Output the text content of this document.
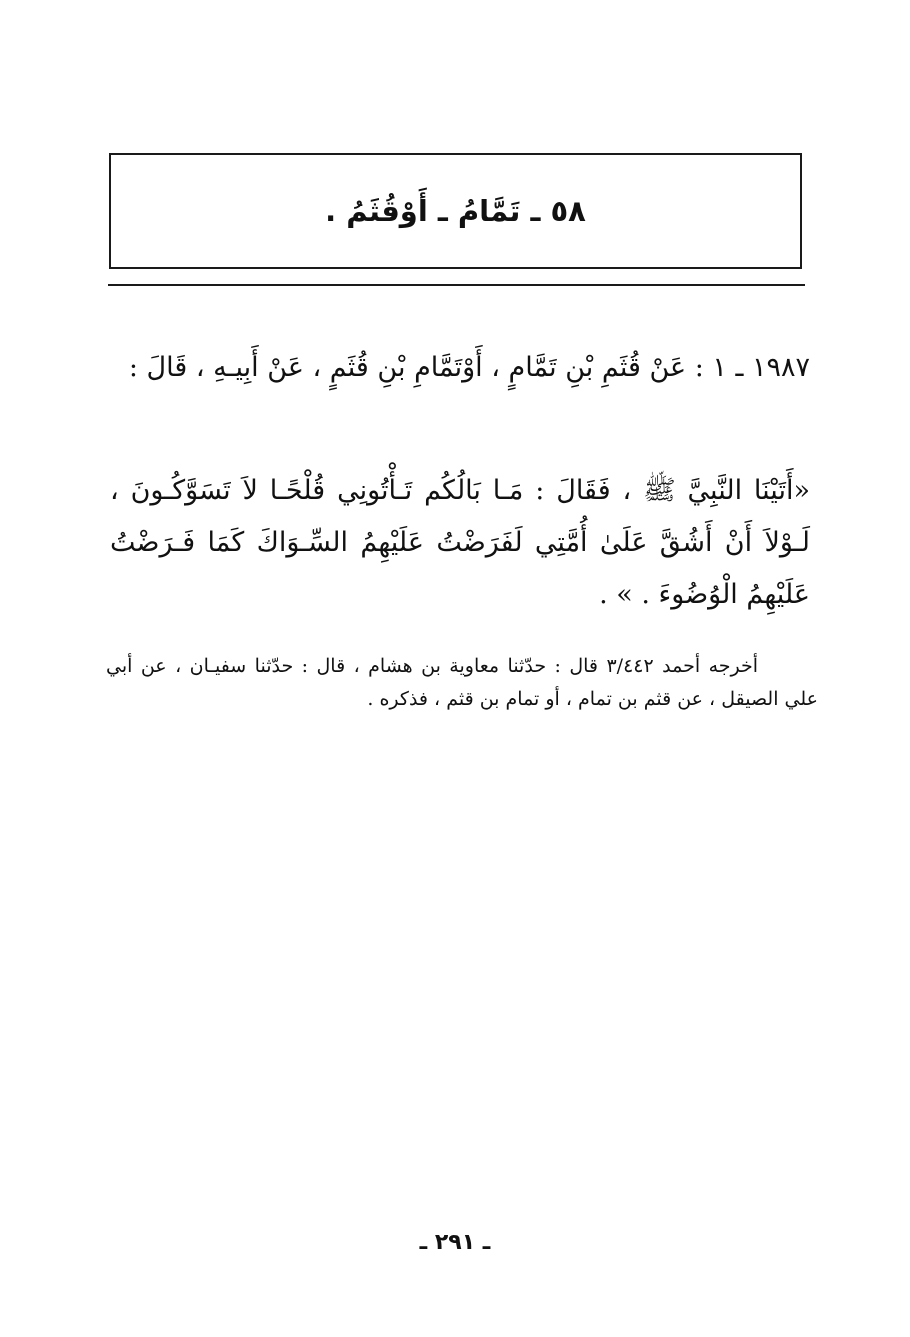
٥٨ ـ تَمَّامُ ـ أَوْقُثَمُ .
١٩٨٧ ـ ١ : عَنْ قُثَمِ بْنِ تَمَّامٍ ، أَوْتَمَّامِ بْنِ قُثَمٍ ، عَنْ أَبِيـهِ ، قَالَ :
«أَتَيْنَا النَّبِيَّ ﷺ ، فَقَالَ : مَـا بَالُكُم تَـأْتُونِي قُلْحًـا لاَ تَسَوَّكُـونَ ، لَـوْلاَ أَنْ أَشُقَّ عَلَىٰ أُمَّتِي لَفَرَضْتُ عَلَيْهِمُ السِّـوَاكَ كَمَا فَـرَضْتُ عَلَيْهِمُ الْوُضُوءَ . » .
أخرجه أحمد ٣/٤٤٢ قال : حدّثنا معاوية بن هشام ، قال : حدّثنا سفيـان ، عن أبي علي الصيقل ، عن قثم بن تمام ، أو تمام بن قثم ، فذكره .
ـ ٢٩١ ـ
